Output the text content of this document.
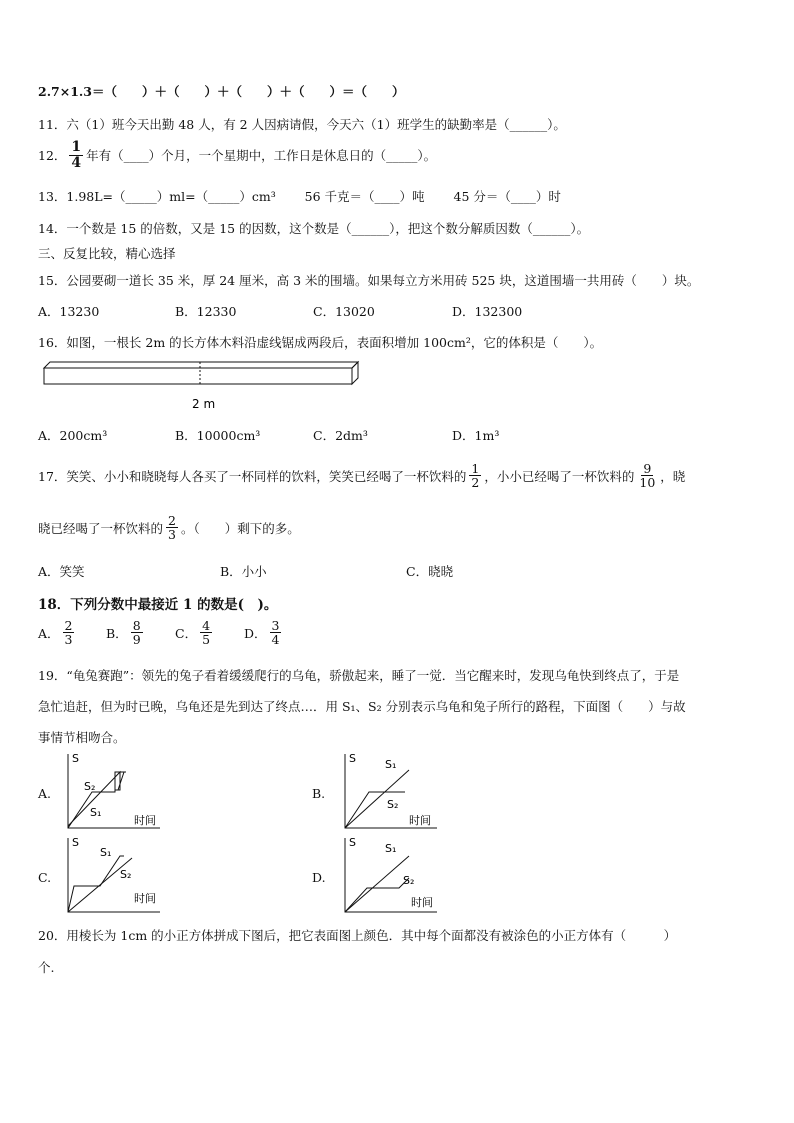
2.7×1.3＝（　　）＋（　　）＋（　　）＋（　　）＝（　　）
11．六（1）班今天出勤 48 人，有 2 人因病请假，今天六（1）班学生的缺勤率是（______）。
12． $\frac{1}{4}$ 年有（____）个月，一个星期中，工作日是休息日的（_____）。
13．1.98L=（_____）ml=（_____）cm³　　 56 千克＝（____）吨　　 45 分＝（____）时
14．一个数是 15 的倍数，又是 15 的因数，这个数是（______），把这个数分解质因数（______）。
三、反复比较，精心选择
15．公园要砌一道长 35 米，厚 24 厘米，高 3 米的围墙。如果每立方米用砖 525 块，这道围墙一共用砖（　　）块。
A．13230	B．12330	C．13020	D．132300
16．如图，一根长 2m 的长方体木料沿虚线锯成两段后，表面积增加 100cm²，它的体积是（　　）。
2 m
A．200cm³	B．10000cm³	C．2dm³	D．1m³
17．笑笑、小小和晓晓每人各买了一杯同样的饮料，笑笑已经喝了一杯饮料的 $\frac{1}{2}$ ，小小已经喝了一杯饮料的 $\frac{9}{10}$ ，晓
晓已经喝了一杯饮料的 $\frac{2}{3}$ 。（　　）剩下的多。
A．笑笑	B．小小	C．晓晓
18．下列分数中最接近 1 的数是(　)。
A． $\frac{2}{3}$	B． $\frac{8}{9}$	C． $\frac{4}{5}$	D． $\frac{3}{4}$
19．“龟兔赛跑”：领先的兔子看着缓缓爬行的乌龟，骄傲起来，睡了一觉．当它醒来时，发现乌龟快到终点了，于是
急忙追赶，但为时已晚，乌龟还是先到达了终点…．用 S₁、S₂ 分别表示乌龟和兔子所行的路程，下面图（　　）与故
事情节相吻合。
A.
S
S₂
S₁
时间
B.
S	S₁
S₂
时间
C.
S
S₁
S₂
时间
D.
S	S₁
S₂
时间
20．用棱长为 1cm 的小正方体拼成下图后，把它表面图上颜色．其中每个面都没有被涂色的小正方体有（　　　）
个.
